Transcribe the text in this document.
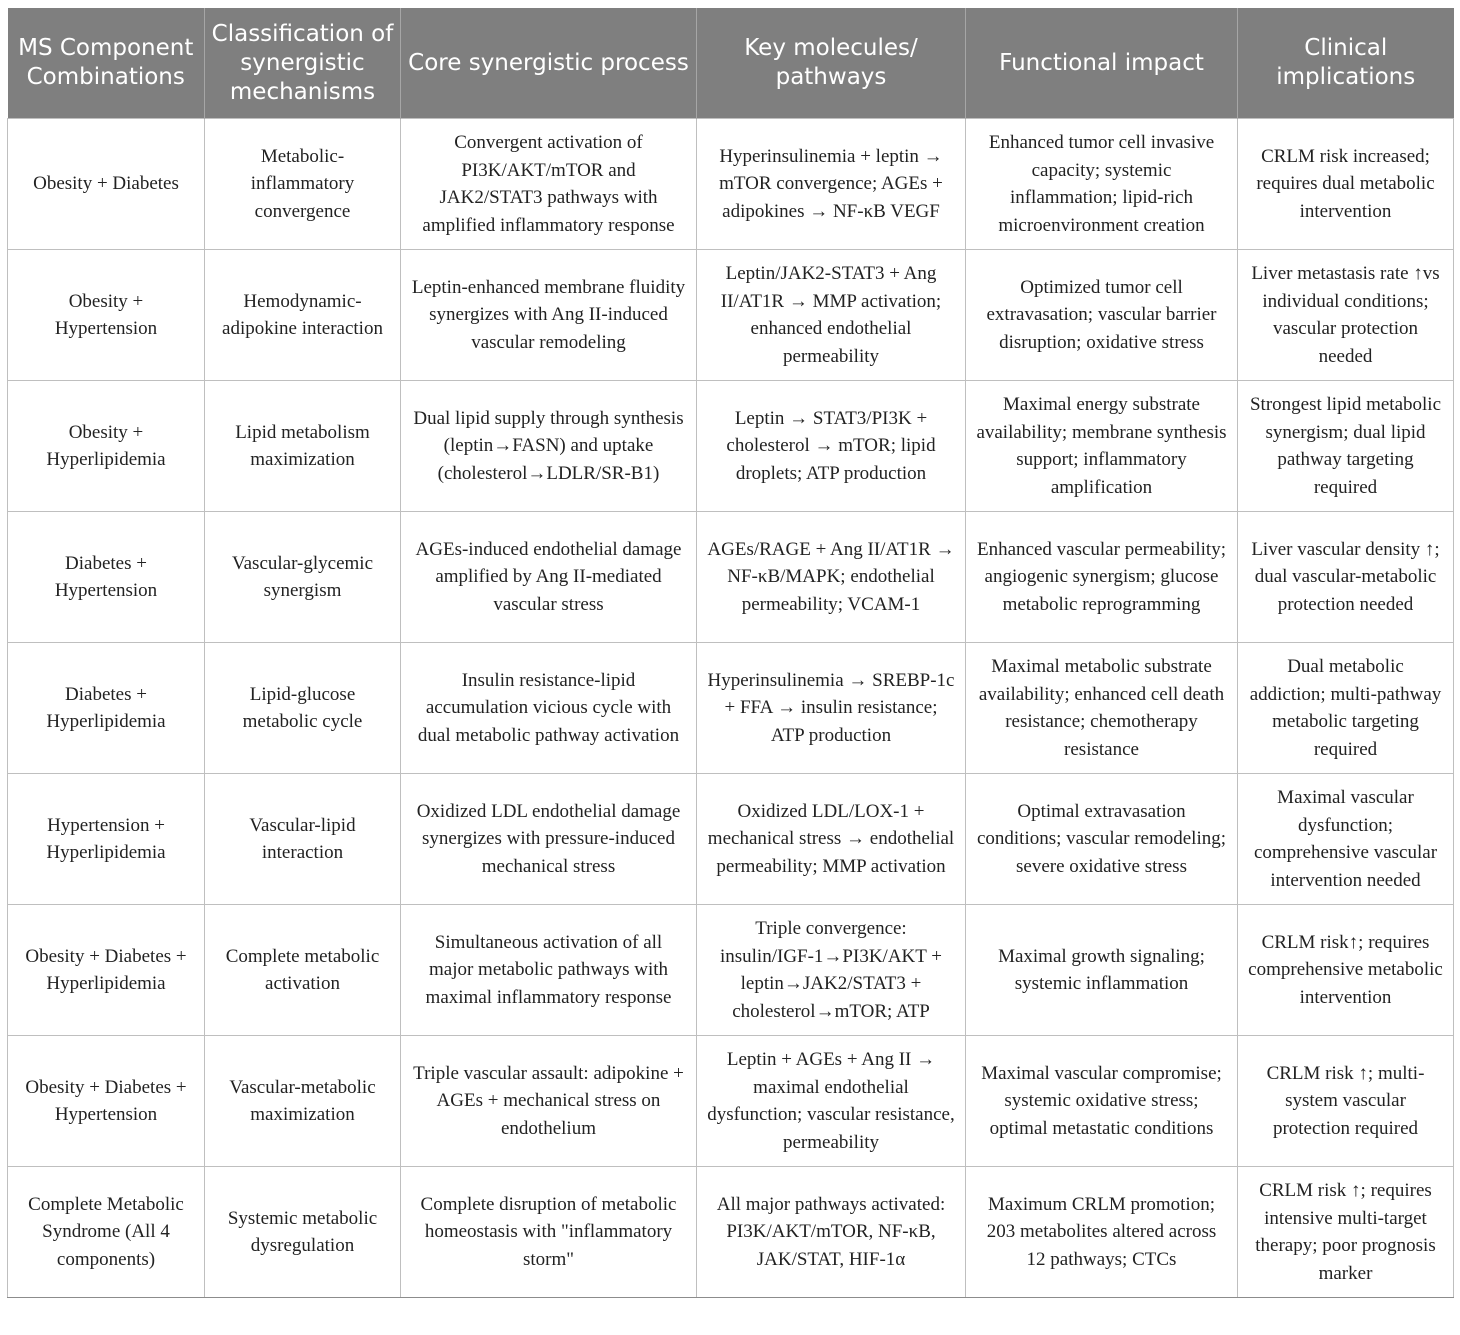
MS Component Combinations	Classification of synergistic mechanisms	Core synergistic process	Key molecules/ pathways	Functional impact	Clinical implications
Obesity + Diabetes	Metabolic-inflammatory convergence	Convergent activation of PI3K/AKT/mTOR and JAK2/STAT3 pathways with amplified inflammatory response	Hyperinsulinemia + leptin → mTOR convergence; AGEs + adipokines → NF-κB VEGF	Enhanced tumor cell invasive capacity; systemic inflammation; lipid-rich microenvironment creation	CRLM risk increased; requires dual metabolic intervention
Obesity + Hypertension	Hemodynamic-adipokine interaction	Leptin-enhanced membrane fluidity synergizes with Ang II-induced vascular remodeling	Leptin/JAK2-STAT3 + Ang II/AT1R → MMP activation; enhanced endothelial permeability	Optimized tumor cell extravasation; vascular barrier disruption; oxidative stress	Liver metastasis rate ↑vs individual conditions; vascular protection needed
Obesity + Hyperlipidemia	Lipid metabolism maximization	Dual lipid supply through synthesis (leptin→FASN) and uptake (cholesterol→LDLR/SR-B1)	Leptin → STAT3/PI3K + cholesterol → mTOR; lipid droplets; ATP production	Maximal energy substrate availability; membrane synthesis support; inflammatory amplification	Strongest lipid metabolic synergism; dual lipid pathway targeting required
Diabetes + Hypertension	Vascular-glycemic synergism	AGEs-induced endothelial damage amplified by Ang II-mediated vascular stress	AGEs/RAGE + Ang II/AT1R → NF-κB/MAPK; endothelial permeability; VCAM-1	Enhanced vascular permeability; angiogenic synergism; glucose metabolic reprogramming	Liver vascular density ↑; dual vascular-metabolic protection needed
Diabetes + Hyperlipidemia	Lipid-glucose metabolic cycle	Insulin resistance-lipid accumulation vicious cycle with dual metabolic pathway activation	Hyperinsulinemia → SREBP-1c + FFA → insulin resistance; ATP production	Maximal metabolic substrate availability; enhanced cell death resistance; chemotherapy resistance	Dual metabolic addiction; multi-pathway metabolic targeting required
Hypertension + Hyperlipidemia	Vascular-lipid interaction	Oxidized LDL endothelial damage synergizes with pressure-induced mechanical stress	Oxidized LDL/LOX-1 + mechanical stress → endothelial permeability; MMP activation	Optimal extravasation conditions; vascular remodeling; severe oxidative stress	Maximal vascular dysfunction; comprehensive vascular intervention needed
Obesity + Diabetes + Hyperlipidemia	Complete metabolic activation	Simultaneous activation of all major metabolic pathways with maximal inflammatory response	Triple convergence: insulin/IGF-1→PI3K/AKT + leptin→JAK2/STAT3 + cholesterol→mTOR; ATP	Maximal growth signaling; systemic inflammation	CRLM risk↑; requires comprehensive metabolic intervention
Obesity + Diabetes + Hypertension	Vascular-metabolic maximization	Triple vascular assault: adipokine + AGEs + mechanical stress on endothelium	Leptin + AGEs + Ang II → maximal endothelial dysfunction; vascular resistance, permeability	Maximal vascular compromise; systemic oxidative stress; optimal metastatic conditions	CRLM risk ↑; multi-system vascular protection required
Complete Metabolic Syndrome (All 4 components)	Systemic metabolic dysregulation	Complete disruption of metabolic homeostasis with "inflammatory storm"	All major pathways activated: PI3K/AKT/mTOR, NF-κB, JAK/STAT, HIF-1α	Maximum CRLM promotion; 203 metabolites altered across 12 pathways; CTCs	CRLM risk ↑; requires intensive multi-target therapy; poor prognosis marker
